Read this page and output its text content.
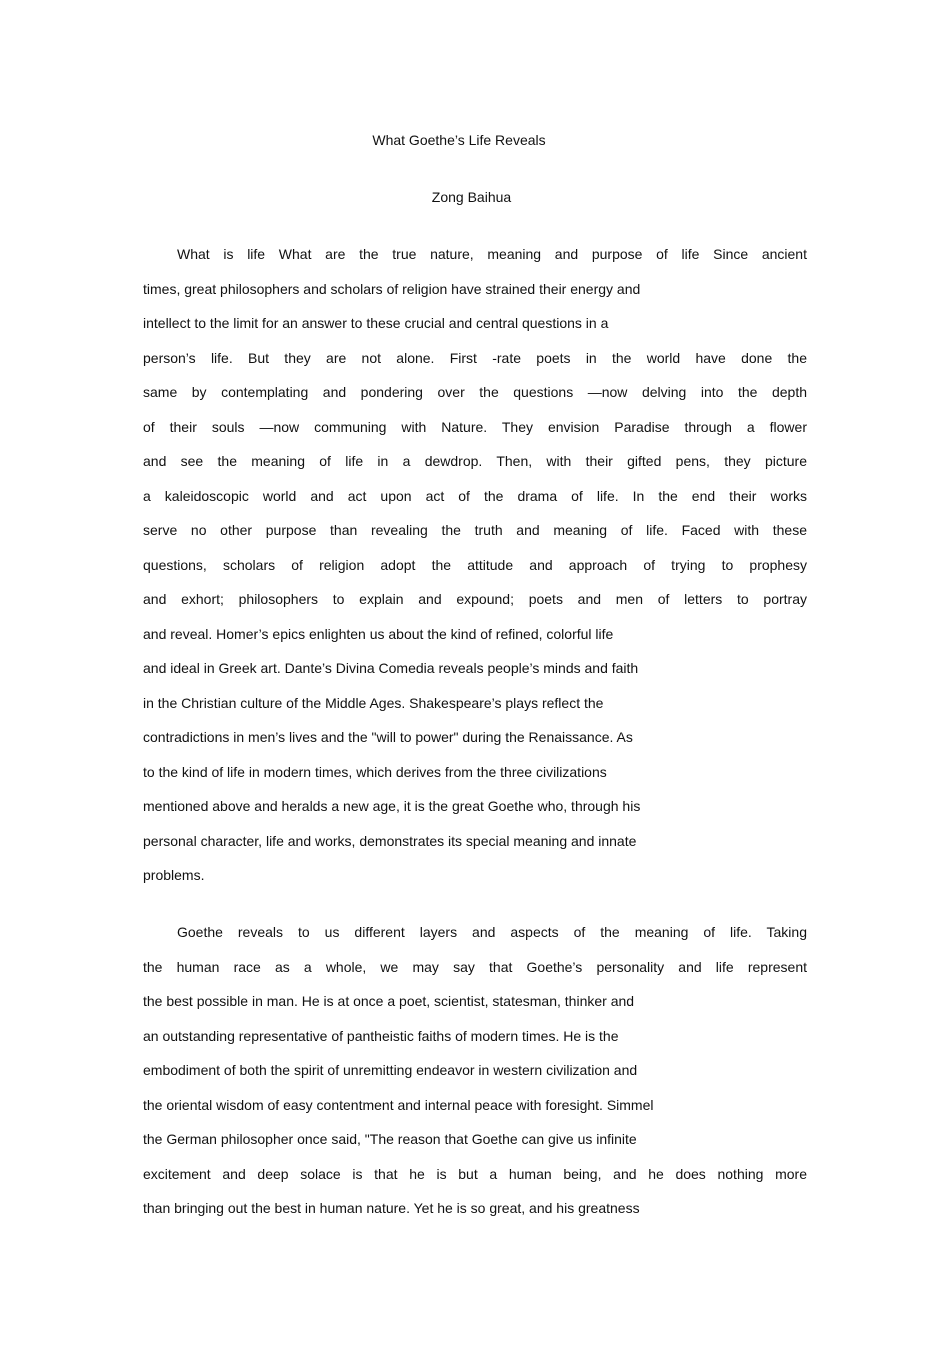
What Goethe’s Life Reveals
Zong Baihua
What is life What are the true nature, meaning and purpose of life Since ancient
times, great philosophers and scholars of religion have strained their energy and
intellect to the limit for an answer to these crucial and central questions in a
person’s life. But they are not alone. First -rate poets in the world have done the
same by contemplating and pondering over the questions —now delving into the depth
of their souls —now communing with Nature. They envision Paradise through a flower
and see the meaning of life in a dewdrop. Then, with their gifted pens, they picture
a kaleidoscopic world and act upon act of the drama of life. In the end their works
serve no other purpose than revealing the truth and meaning of life. Faced with these
questions, scholars of religion adopt the attitude and approach of trying to prophesy
and exhort; philosophers to explain and expound; poets and men of letters to portray
and reveal. Homer’s epics enlighten us about the kind of refined, colorful life
and ideal in Greek art. Dante’s Divina Comedia reveals people’s minds and faith
in the Christian culture of the Middle Ages. Shakespeare’s plays reflect the
contradictions in men’s lives and the "will to power" during the Renaissance. As
to the kind of life in modern times, which derives from the three civilizations
mentioned above and heralds a new age, it is the great Goethe who, through his
personal character, life and works, demonstrates its special meaning and innate
problems.
Goethe reveals to us different layers and aspects of the meaning of life. Taking
the human race as a whole, we may say that Goethe’s personality and life represent
the best possible in man. He is at once a poet, scientist, statesman, thinker and
an outstanding representative of pantheistic faiths of modern times. He is the
embodiment of both the spirit of unremitting endeavor in western civilization and
the oriental wisdom of easy contentment and internal peace with foresight. Simmel
the German philosopher once said, "The reason that Goethe can give us infinite
excitement and deep solace is that he is but a human being, and he does nothing more
than bringing out the best in human nature. Yet he is so great, and his greatness
